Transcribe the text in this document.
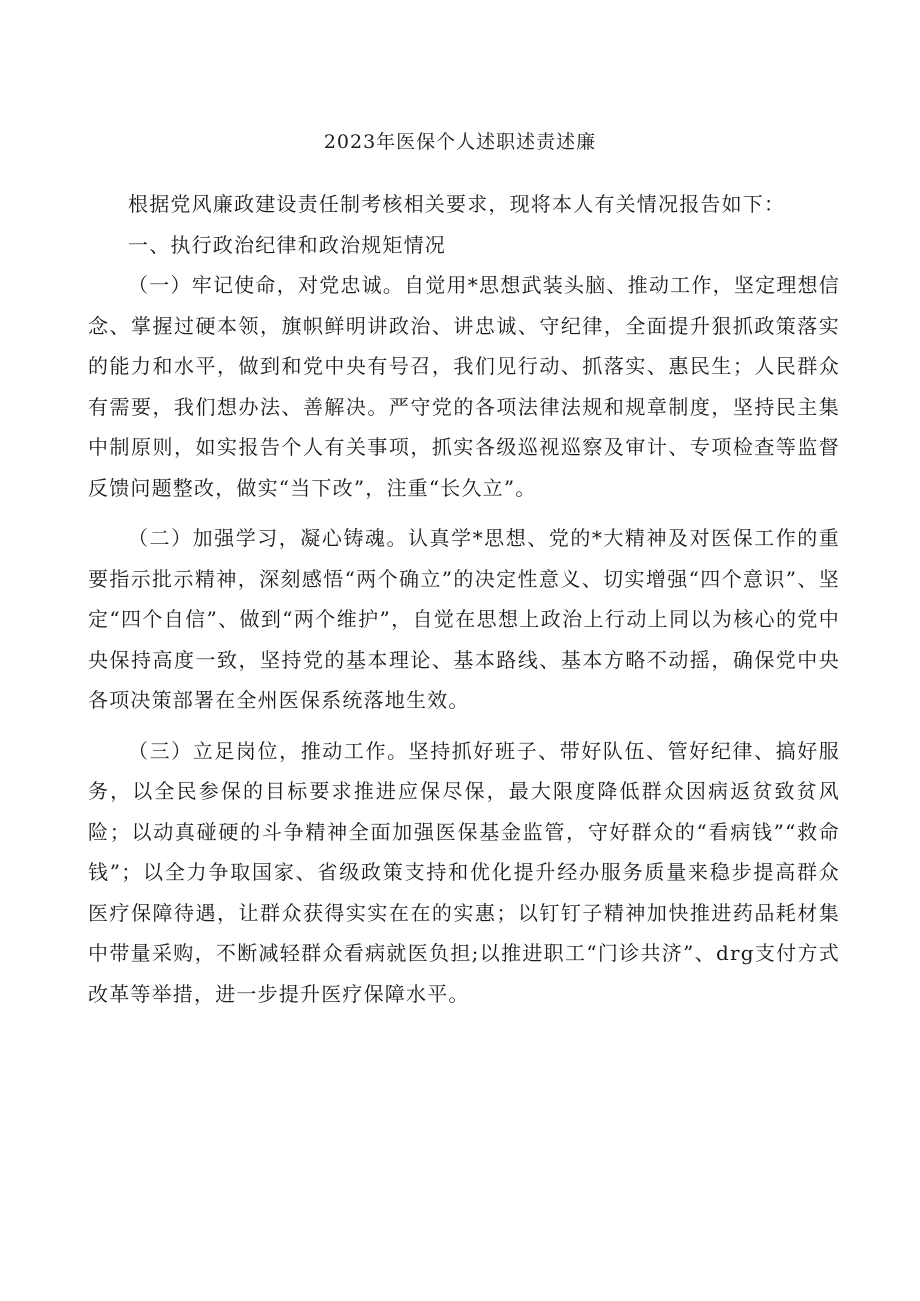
2023年医保个人述职述责述廉

根据党风廉政建设责任制考核相关要求，现将本人有关情况报告如下：

一、执行政治纪律和政治规矩情况

（一）牢记使命，对党忠诚。自觉用*思想武装头脑、推动工作，坚定理想信念、掌握过硬本领，旗帜鲜明讲政治、讲忠诚、守纪律，全面提升狠抓政策落实的能力和水平，做到和党中央有号召，我们见行动、抓落实、惠民生；人民群众有需要，我们想办法、善解决。严守党的各项法律法规和规章制度，坚持民主集中制原则，如实报告个人有关事项，抓实各级巡视巡察及审计、专项检查等监督反馈问题整改，做实“当下改”，注重“长久立”。

（二）加强学习，凝心铸魂。认真学*思想、党的*大精神及对医保工作的重要指示批示精神，深刻感悟“两个确立”的决定性意义、切实增强“四个意识”、坚定“四个自信”、做到“两个维护”，自觉在思想上政治上行动上同以为核心的党中央保持高度一致，坚持党的基本理论、基本路线、基本方略不动摇，确保党中央各项决策部署在全州医保系统落地生效。

（三）立足岗位，推动工作。坚持抓好班子、带好队伍、管好纪律、搞好服务，以全民参保的目标要求推进应保尽保，最大限度降低群众因病返贫致贫风险；以动真碰硬的斗争精神全面加强医保基金监管，守好群众的“看病钱”“救命钱”；以全力争取国家、省级政策支持和优化提升经办服务质量来稳步提高群众医疗保障待遇，让群众获得实实在在的实惠；以钉钉子精神加快推进药品耗材集中带量采购，不断减轻群众看病就医负担;以推进职工“门诊共济”、drg支付方式改革等举措，进一步提升医疗保障水平。
